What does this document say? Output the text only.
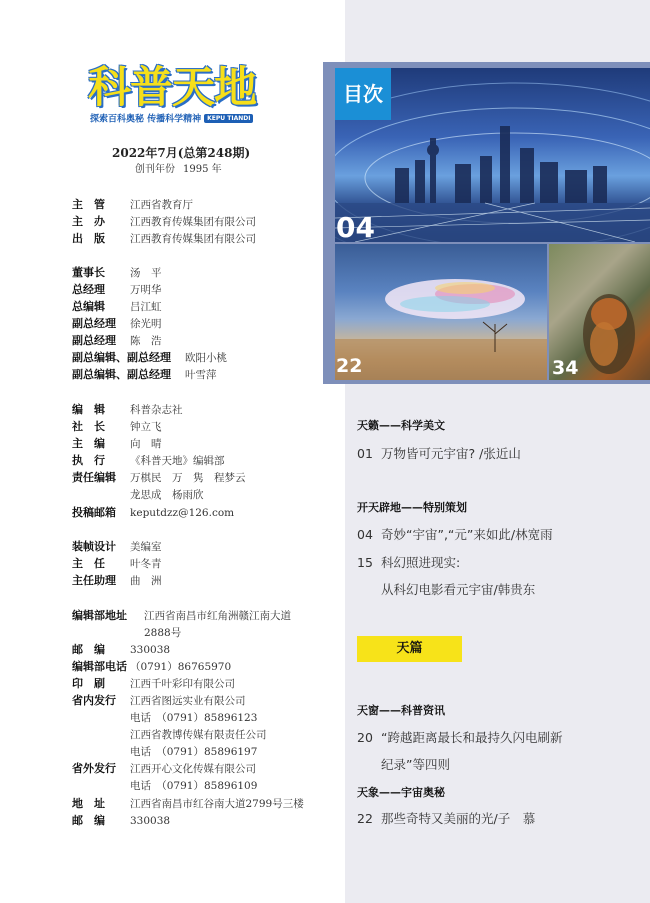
科普天地
探索百科奥秘 传播科学精神 KEPU TIANDI
2022年7月(总第248期)
创刊年份 1995 年
主　管 江西省教育厅
主　办 江西教育传媒集团有限公司
出　版 江西教育传媒集团有限公司
董事长 汤　平
总经理 万明华
总编辑 吕江虹
副总经理 徐光明
副总经理 陈　浩
副总编辑、副总经理 欧阳小桃
副总编辑、副总经理 叶雪萍
编　辑 科普杂志社
社　长 钟立飞
主　编 向　晴
执　行 《科普天地》编辑部
责任编辑 万棋民　万　隽　程梦云
龙思成　杨雨欣
投稿邮箱 keputdzz@126.com
装帧设计 美编室
主　任 叶冬青
主任助理 曲　洲
编辑部地址 江西省南昌市红角洲赣江南大道
2888号
邮　编 330038
编辑部电话 （0791）86765970
印　刷 江西千叶彩印有限公司
省内发行 江西省图远实业有限公司
电话　（0791）85896123
江西省教博传媒有限责任公司
电话　（0791）85896197
省外发行 江西开心文化传媒有限公司
电话　（0791）85896109
地　址 江西省南昌市红谷南大道2799号三楼
邮　编 330038
目次
04
22	34
天籁——科学美文
01 万物皆可元宇宙? /张近山
开天辟地——特别策划
04 奇妙“宇宙”,“元”来如此/林宽雨
15 科幻照进现实:
从科幻电影看元宇宙/韩贵东
天篇
天窗——科普资讯
20 “跨越距离最长和最持久闪电刷新
纪录”等四则
天象——宇宙奥秘
22 那些奇特又美丽的光/子　慕
